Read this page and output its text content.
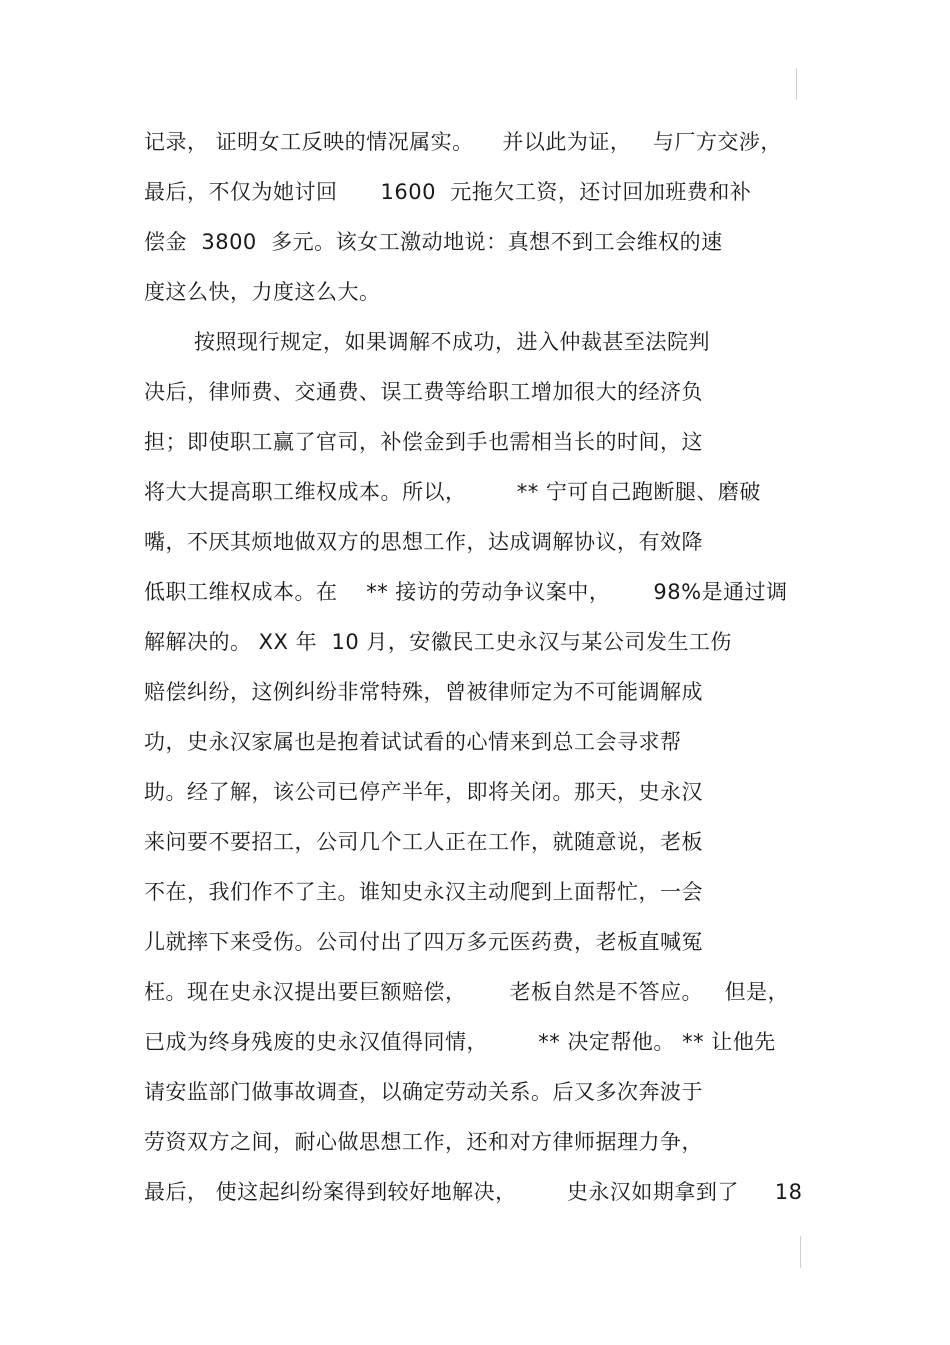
记录， 证明女工反映的情况属实。    并以此为证，   与厂方交涉，
最后，不仅为她讨回      1600  元拖欠工资，还讨回加班费和补
偿金  3800  多元。该女工激动地说：真想不到工会维权的速
度这么快，力度这么大。
按照现行规定，如果调解不成功，进入仲裁甚至法院判
决后，律师费、交通费、误工费等给职工增加很大的经济负
担；即使职工赢了官司，补偿金到手也需相当长的时间，这
将大大提高职工维权成本。所以，       ** 宁可自己跑断腿、磨破
嘴，不厌其烦地做双方的思想工作，达成调解协议，有效降
低职工维权成本。在    ** 接访的劳动争议案中，      98%是通过调
解解决的。 XX 年  10 月，安徽民工史永汉与某公司发生工伤
赔偿纠纷，这例纠纷非常特殊，曾被律师定为不可能调解成
功，史永汉家属也是抱着试试看的心情来到总工会寻求帮
助。经了解，该公司已停产半年，即将关闭。那天，史永汉
来问要不要招工，公司几个工人正在工作，就随意说，老板
不在，我们作不了主。谁知史永汉主动爬到上面帮忙，一会
儿就摔下来受伤。公司付出了四万多元医药费，老板直喊冤
枉。现在史永汉提出要巨额赔偿，      老板自然是不答应。   但是，
已成为终身残废的史永汉值得同情，       ** 决定帮他。 ** 让他先
请安监部门做事故调查，以确定劳动关系。后又多次奔波于
劳资双方之间，耐心做思想工作，还和对方律师据理力争，
最后， 使这起纠纷案得到较好地解决，       史永汉如期拿到了     18
